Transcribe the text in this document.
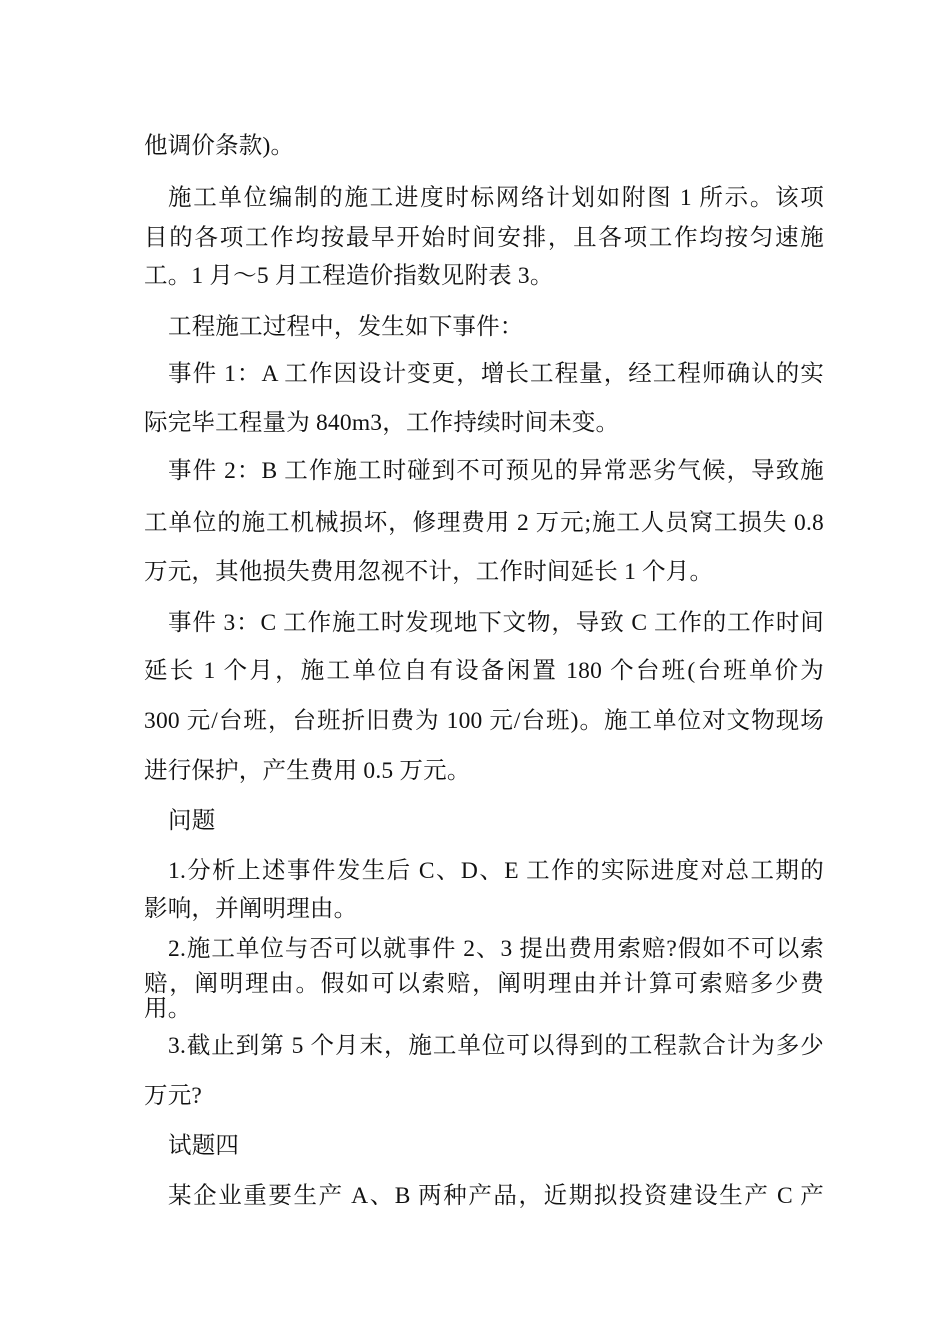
他调价条款)。
施工单位编制的施工进度时标网络计划如附图 1 所示。该项
目的各项工作均按最早开始时间安排，且各项工作均按匀速施
工。1 月～5 月工程造价指数见附表 3。
工程施工过程中，发生如下事件：
事件 1：A 工作因设计变更，增长工程量，经工程师确认的实
际完毕工程量为 840m3，工作持续时间未变。
事件 2：B 工作施工时碰到不可预见的异常恶劣气候，导致施
工单位的施工机械损坏，修理费用 2 万元;施工人员窝工损失 0.8
万元，其他损失费用忽视不计，工作时间延长 1 个月。
事件 3：C 工作施工时发现地下文物，导致 C 工作的工作时间
延长 1 个月，施工单位自有设备闲置 180 个台班(台班单价为
300 元/台班，台班折旧费为 100 元/台班)。施工单位对文物现场
进行保护，产生费用 0.5 万元。
问题
1.分析上述事件发生后 C、D、E 工作的实际进度对总工期的
影响，并阐明理由。
2.施工单位与否可以就事件 2、3 提出费用索赔?假如不可以索
赔，阐明理由。假如可以索赔，阐明理由并计算可索赔多少费
用。
3.截止到第 5 个月末，施工单位可以得到的工程款合计为多少
万元?
试题四
某企业重要生产 A、B 两种产品，近期拟投资建设生产 C 产
